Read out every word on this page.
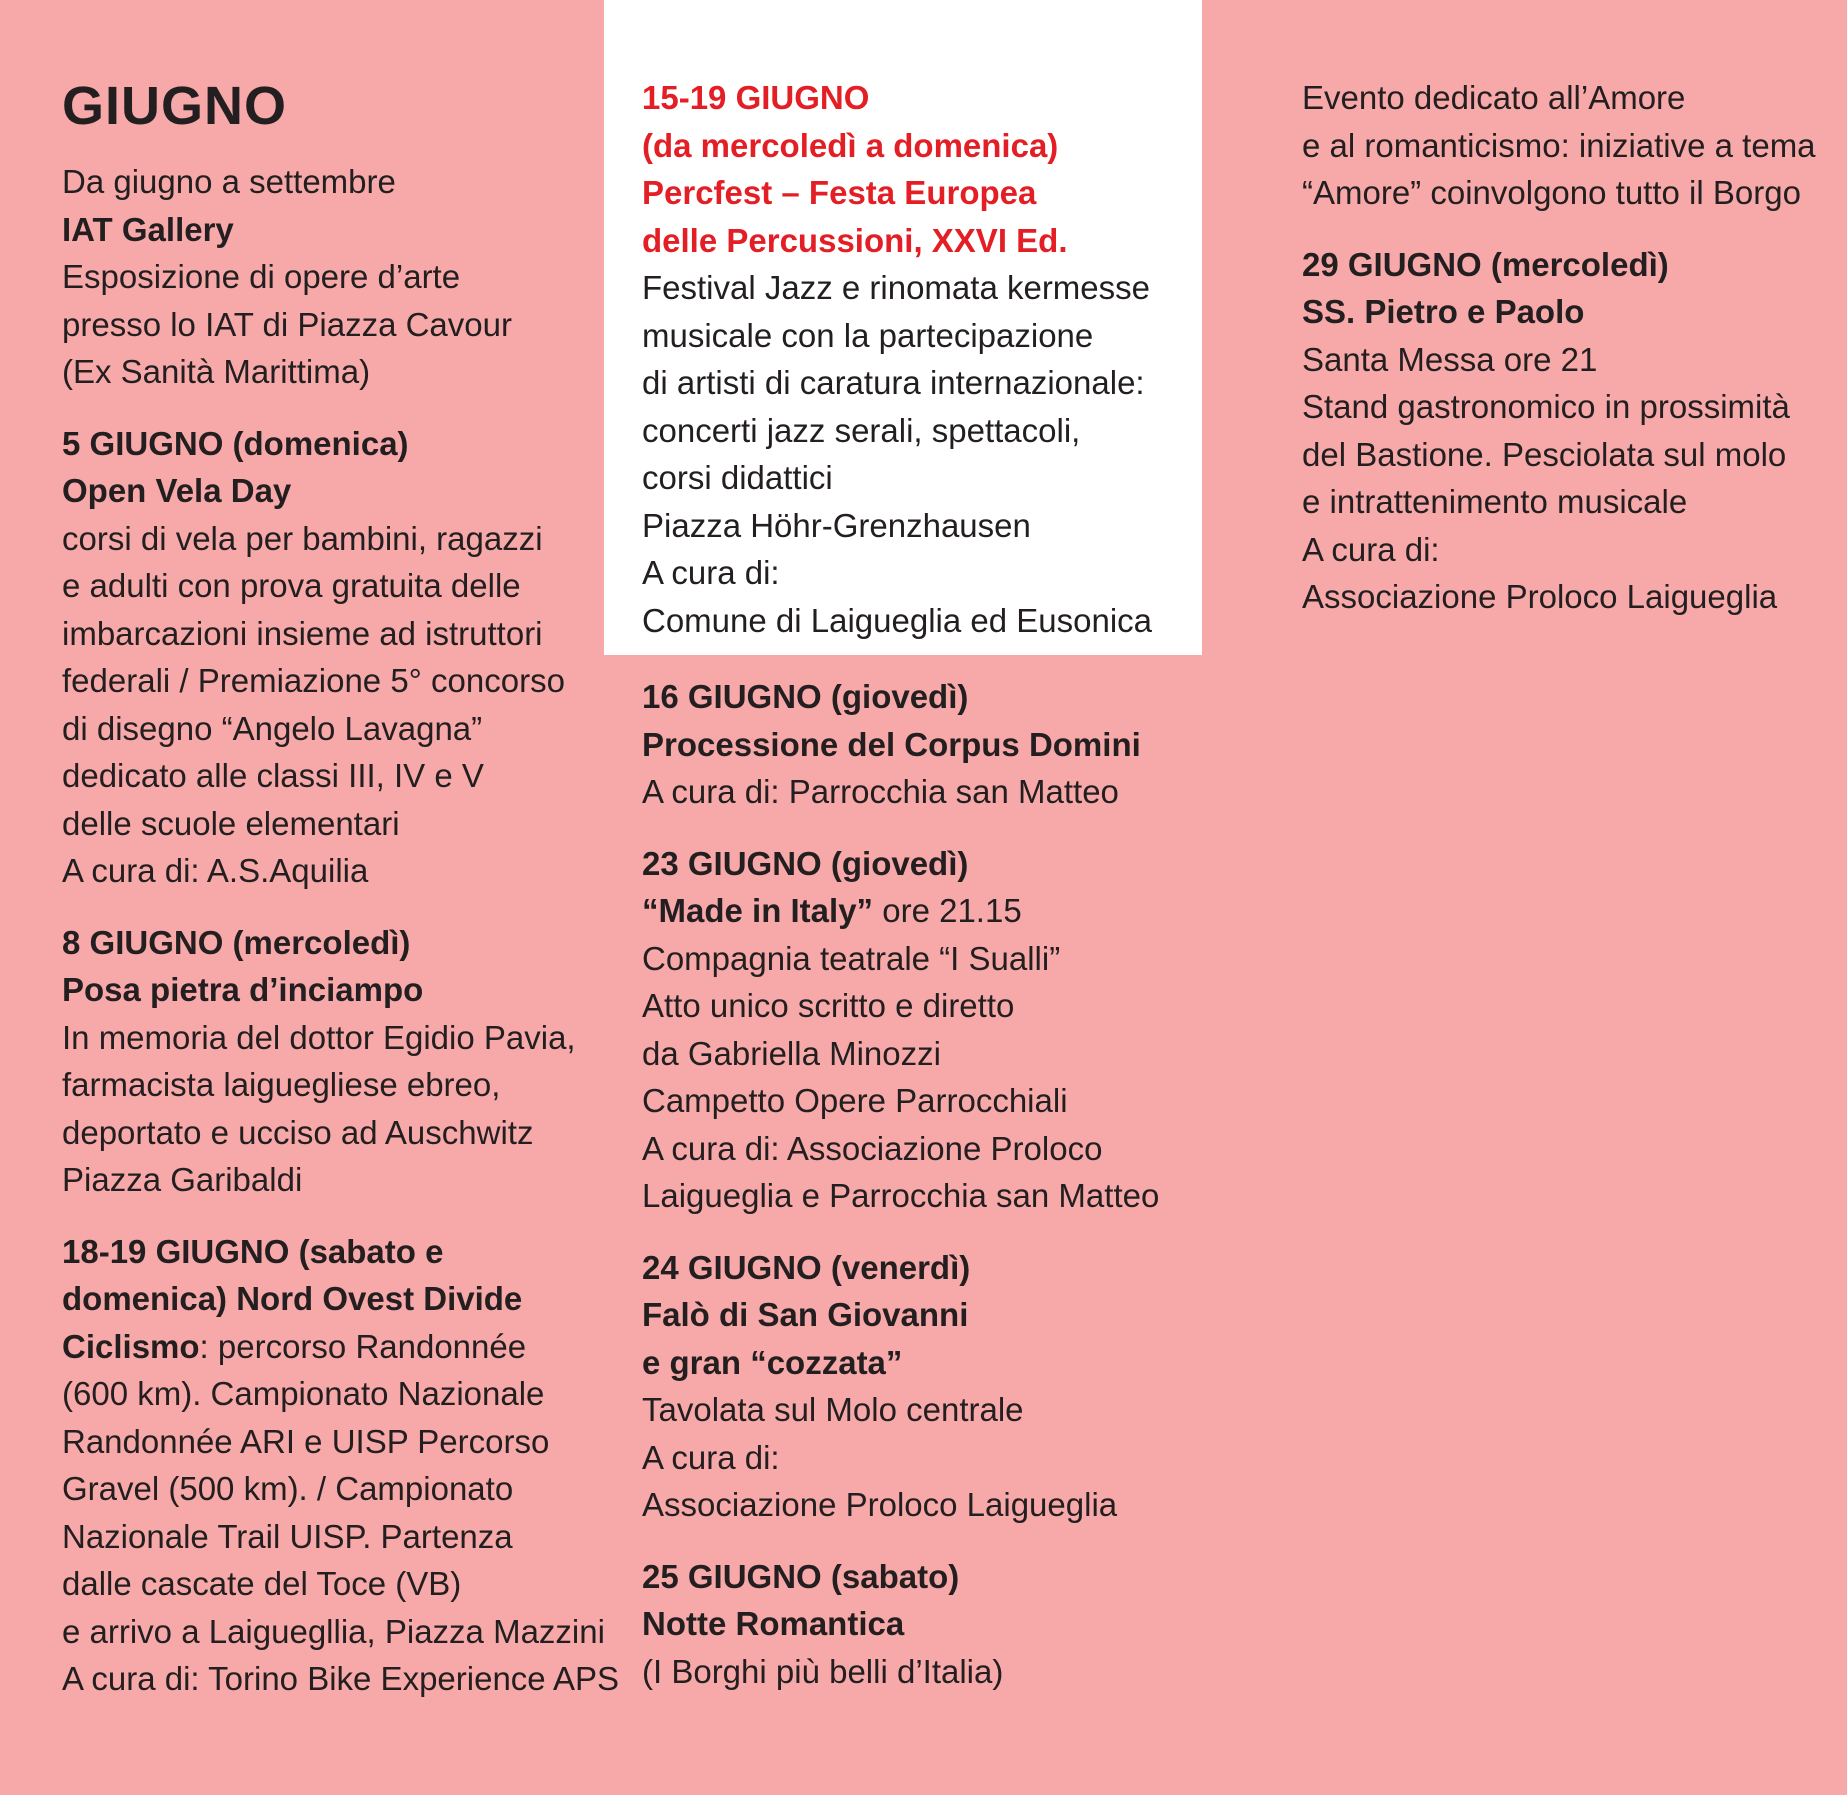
GIUGNO
Da giugno a settembre
IAT Gallery
Esposizione di opere d’arte
presso lo IAT di Piazza Cavour
(Ex Sanità Marittima)
5 GIUGNO (domenica)
Open Vela Day
corsi di vela per bambini, ragazzi
e adulti con prova gratuita delle
imbarcazioni insieme ad istruttori
federali / Premiazione 5° concorso
di disegno “Angelo Lavagna”
dedicato alle classi III, IV e V
delle scuole elementari
A cura di: A.S.Aquilia
8 GIUGNO (mercoledì)
Posa pietra d’inciampo
In memoria del dottor Egidio Pavia,
farmacista laiguegliese ebreo,
deportato e ucciso ad Auschwitz
Piazza Garibaldi
18-19 GIUGNO (sabato e
domenica) Nord Ovest Divide
Ciclismo: percorso Randonnée
(600 km). Campionato Nazionale
Randonnée ARI e UISP Percorso
Gravel (500 km). / Campionato
Nazionale Trail UISP. Partenza
dalle cascate del Toce (VB)
e arrivo a Laiguegllia, Piazza Mazzini
A cura di: Torino Bike Experience APS
15-19 GIUGNO
(da mercoledì a domenica)
Percfest – Festa Europea
delle Percussioni, XXVI Ed.
Festival Jazz e rinomata kermesse
musicale con la partecipazione
di artisti di caratura internazionale:
concerti jazz serali, spettacoli,
corsi didattici
Piazza Höhr-Grenzhausen
A cura di:
Comune di Laigueglia ed Eusonica
16 GIUGNO (giovedì)
Processione del Corpus Domini
A cura di: Parrocchia san Matteo
23 GIUGNO (giovedì)
“Made in Italy” ore 21.15
Compagnia teatrale “I Sualli”
Atto unico scritto e diretto
da Gabriella Minozzi
Campetto Opere Parrocchiali
A cura di: Associazione Proloco
Laigueglia e Parrocchia san Matteo
24 GIUGNO (venerdì)
Falò di San Giovanni
e gran “cozzata”
Tavolata sul Molo centrale
A cura di:
Associazione Proloco Laigueglia
25 GIUGNO (sabato)
Notte Romantica
(I Borghi più belli d’Italia)
Evento dedicato all’Amore
e al romanticismo: iniziative a tema
“Amore” coinvolgono tutto il Borgo
29 GIUGNO (mercoledì)
SS. Pietro e Paolo
Santa Messa ore 21
Stand gastronomico in prossimità
del Bastione. Pesciolata sul molo
e intrattenimento musicale
A cura di:
Associazione Proloco Laigueglia
